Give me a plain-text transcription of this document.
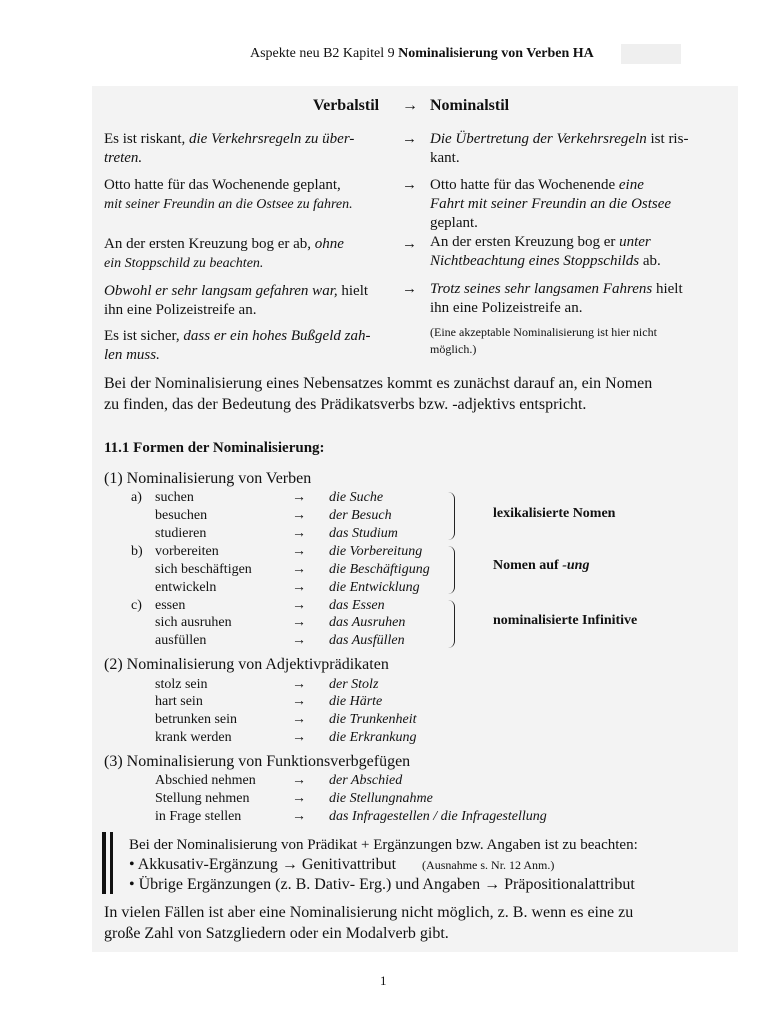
Aspekte neu B2 Kapitel 9 Nominalisierung von Verben HA
Verbalstil → Nominalstil
Es ist riskant, die Verkehrsregeln zu über-
treten.
→ Die Übertretung der Verkehrsregeln ist ris-
kant.
Otto hatte für das Wochenende geplant,
mit seiner Freundin an die Ostsee zu fahren.
→ Otto hatte für das Wochenende eine
Fahrt mit seiner Freundin an die Ostsee
geplant.
An der ersten Kreuzung bog er ab, ohne
ein Stoppschild zu beachten.
→ An der ersten Kreuzung bog er unter
Nichtbeachtung eines Stoppschilds ab.
Obwohl er sehr langsam gefahren war, hielt
ihn eine Polizeistreife an.
→ Trotz seines sehr langsamen Fahrens hielt
ihn eine Polizeistreife an.
Es ist sicher, dass er ein hohes Bußgeld zah-
len muss.
(Eine akzeptable Nominalisierung ist hier nicht
möglich.)
Bei der Nominalisierung eines Nebensatzes kommt es zunächst darauf an, ein Nomen
zu finden, das der Bedeutung des Prädikatsverbs bzw. -adjektivs entspricht.
11.1 Formen der Nominalisierung:
(1) Nominalisierung von Verben
a) suchen	→ die Suche
besuchen	→ der Besuch
studieren	→ das Studium
lexikalisierte Nomen
b) vorbereiten	→ die Vorbereitung
sich beschäftigen	→ die Beschäftigung
entwickeln	→ die Entwicklung
Nomen auf -ung
c) essen	→ das Essen
sich ausruhen	→ das Ausruhen
ausfüllen	→ das Ausfüllen
nominalisierte Infinitive
(2) Nominalisierung von Adjektivprädikaten
stolz sein	→ der Stolz
hart sein	→ die Härte
betrunken sein	→ die Trunkenheit
krank werden	→ die Erkrankung
(3) Nominalisierung von Funktionsverbgefügen
Abschied nehmen	→ der Abschied
Stellung nehmen	→ die Stellungnahme
in Frage stellen	→ das Infragestellen / die Infragestellung
Bei der Nominalisierung von Prädikat + Ergänzungen bzw. Angaben ist zu beachten:
• Akkusativ-Ergänzung → Genitivattribut (Ausnahme s. Nr. 12 Anm.)
• Übrige Ergänzungen (z. B. Dativ- Erg.) und Angaben → Präpositionalattribut
In vielen Fällen ist aber eine Nominalisierung nicht möglich, z. B. wenn es eine zu
große Zahl von Satzgliedern oder ein Modalverb gibt.
1
